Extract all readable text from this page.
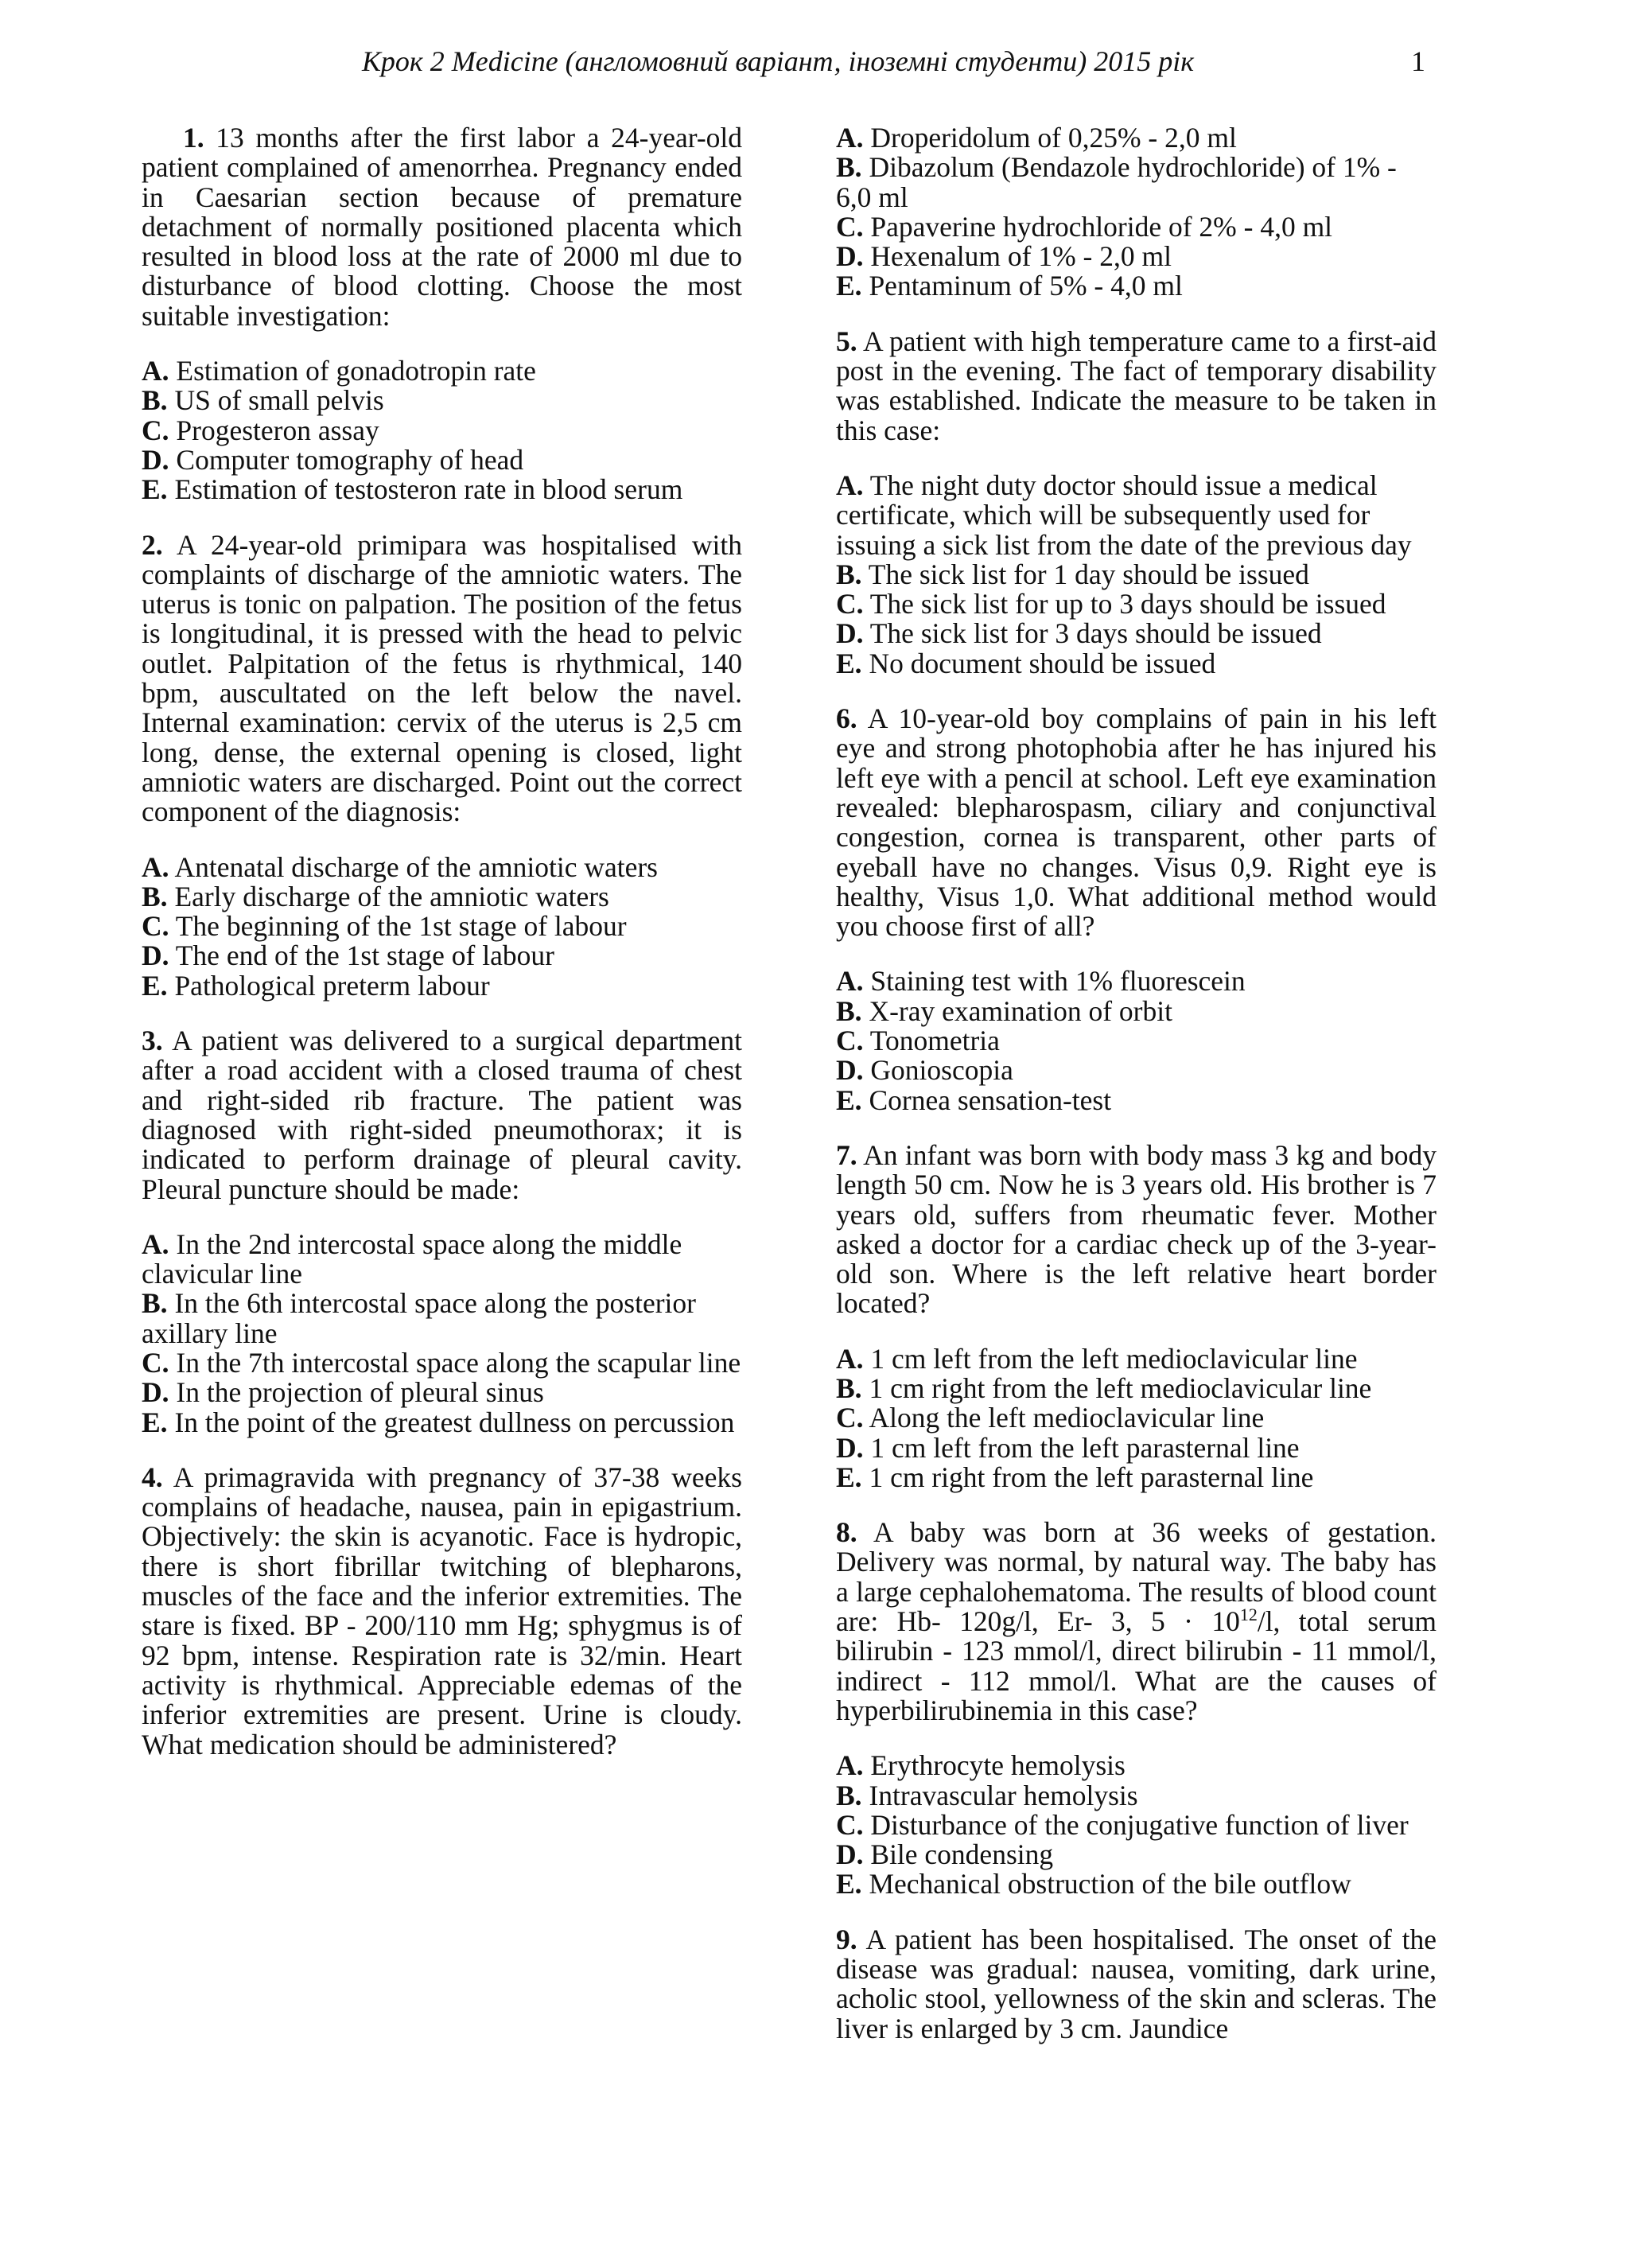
Крок 2 Medicine (англомовний варіант, іноземні студенти) 2015 рік	1

1. 13 months after the first labor a 24-year-old patient complained of amenorrhea. Pregnancy ended in Caesarian section because of premature detachment of normally positioned placenta which resulted in blood loss at the rate of 2000 ml due to disturbance of blood clotting. Choose the most suitable investigation:

A. Estimation of gonadotropin rate

B. US of small pelvis

C. Progesteron assay

D. Computer tomography of head

E. Estimation of testosteron rate in blood serum

2. A 24-year-old primipara was hospitalised with complaints of discharge of the amniotic waters. The uterus is tonic on palpation. The position of the fetus is longitudinal, it is pressed with the head to pelvic outlet. Palpitation of the fetus is rhythmical, 140 bpm, auscultated on the left below the navel. Internal examination: cervix of the uterus is 2,5 cm long, dense, the external opening is closed, light amniotic waters are discharged. Point out the correct component of the diagnosis:

A. Antenatal discharge of the amniotic waters

B. Early discharge of the amniotic waters

C. The beginning of the 1st stage of labour

D. The end of the 1st stage of labour

E. Pathological preterm labour

3. A patient was delivered to a surgical department after a road accident with a closed trauma of chest and right-sided rib fracture. The patient was diagnosed with right-sided pneumothorax; it is indicated to perform drainage of pleural cavity. Pleural puncture should be made:

A. In the 2nd intercostal space along the middle clavicular line

B. In the 6th intercostal space along the posterior axillary line

C. In the 7th intercostal space along the scapular line

D. In the projection of pleural sinus

E. In the point of the greatest dullness on percussion

4. A primagravida with pregnancy of 37-38 weeks complains of headache, nausea, pain in epigastrium. Objectively: the skin is acyanotic. Face is hydropic, there is short fibrillar twitching of blepharons, muscles of the face and the inferior extremities. The stare is fixed. BP - 200/110 mm Hg; sphygmus is of 92 bpm, intense. Respiration rate is 32/min. Heart activity is rhythmical. Appreciable edemas of the inferior extremities are present. Urine is cloudy. What medication should be administered?

A. Droperidolum of 0,25% - 2,0 ml

B. Dibazolum (Bendazole hydrochloride) of 1% - 6,0 ml

C. Papaverine hydrochloride of 2% - 4,0 ml

D. Hexenalum of 1% - 2,0 ml

E. Pentaminum of 5% - 4,0 ml

5. A patient with high temperature came to a first-aid post in the evening. The fact of temporary disability was established. Indicate the measure to be taken in this case:

A. The night duty doctor should issue a medical certificate, which will be subsequently used for issuing a sick list from the date of the previous day

B. The sick list for 1 day should be issued

C. The sick list for up to 3 days should be issued

D. The sick list for 3 days should be issued

E. No document should be issued

6. A 10-year-old boy complains of pain in his left eye and strong photophobia after he has injured his left eye with a pencil at school. Left eye examination revealed: blepharospasm, ciliary and conjunctival congestion, cornea is transparent, other parts of eyeball have no changes. Visus 0,9. Right eye is healthy, Visus 1,0. What additional method would you choose first of all?

A. Staining test with 1% fluorescein

B. X-ray examination of orbit

C. Tonometria

D. Gonioscopia

E. Cornea sensation-test

7. An infant was born with body mass 3 kg and body length 50 cm. Now he is 3 years old. His brother is 7 years old, suffers from rheumatic fever. Mother asked a doctor for a cardiac check up of the 3-year-old son. Where is the left relative heart border located?

A. 1 cm left from the left medioclavicular line

B. 1 cm right from the left medioclavicular line

C. Along the left medioclavicular line

D. 1 cm left from the left parasternal line

E. 1 cm right from the left parasternal line

8. A baby was born at 36 weeks of gestation. Delivery was normal, by natural way. The baby has a large cephalohematoma. The results of blood count are: Hb- 120g/l, Er- 3, $5 \cdot 10^{12}/l$, total serum bilirubin - 123 mmol/l, direct bilirubin - 11 mmol/l, indirect - 112 mmol/l. What are the causes of hyperbilirubinemia in this case?

A. Erythrocyte hemolysis

B. Intravascular hemolysis

C. Disturbance of the conjugative function of liver

D. Bile condensing

E. Mechanical obstruction of the bile outflow

9. A patient has been hospitalised. The onset of the disease was gradual: nausea, vomiting, dark urine, acholic stool, yellowness of the skin and scleras. The liver is enlarged by 3 cm. Jaundice
